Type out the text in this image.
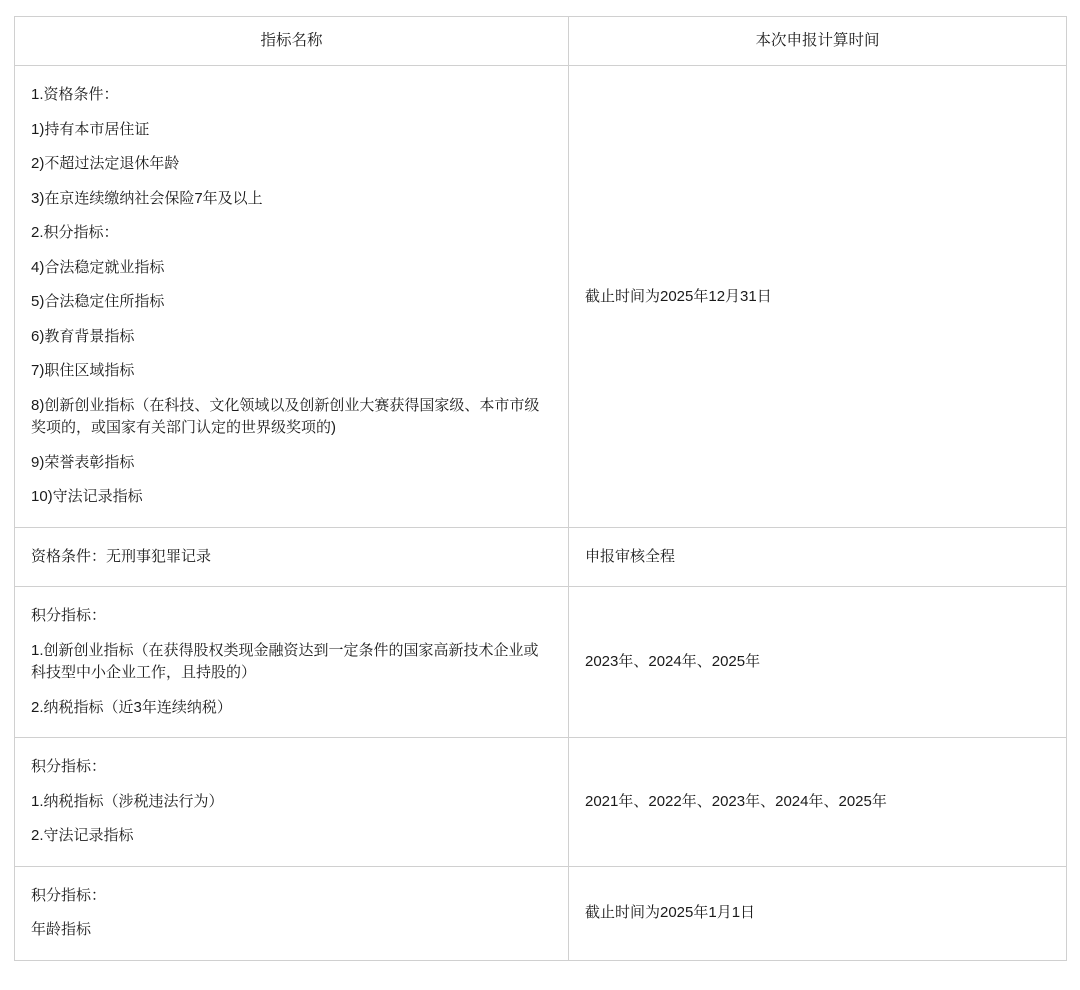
指标名称	本次申报计算时间

1.资格条件：

1)持有本市居住证

2)不超过法定退休年龄

3)在京连续缴纳社会保险7年及以上

2.积分指标：

4)合法稳定就业指标

5)合法稳定住所指标

6)教育背景指标

7)职住区域指标

8)创新创业指标（在科技、文化领域以及创新创业大赛获得国家级、本市市级奖项的，或国家有关部门认定的世界级奖项的)

9)荣誉表彰指标

10)守法记录指标

	截止时间为2025年12月31日

资格条件：无刑事犯罪记录	申报审核全程

积分指标：

1.创新创业指标（在获得股权类现金融资达到一定条件的国家高新技术企业或科技型中小企业工作，且持股的）

2.纳税指标（近3年连续纳税）	2023年、2024年、2025年

积分指标：

1.纳税指标（涉税违法行为）

2.守法记录指标	2021年、2022年、2023年、2024年、2025年

积分指标：

年龄指标	截止时间为2025年1月1日
